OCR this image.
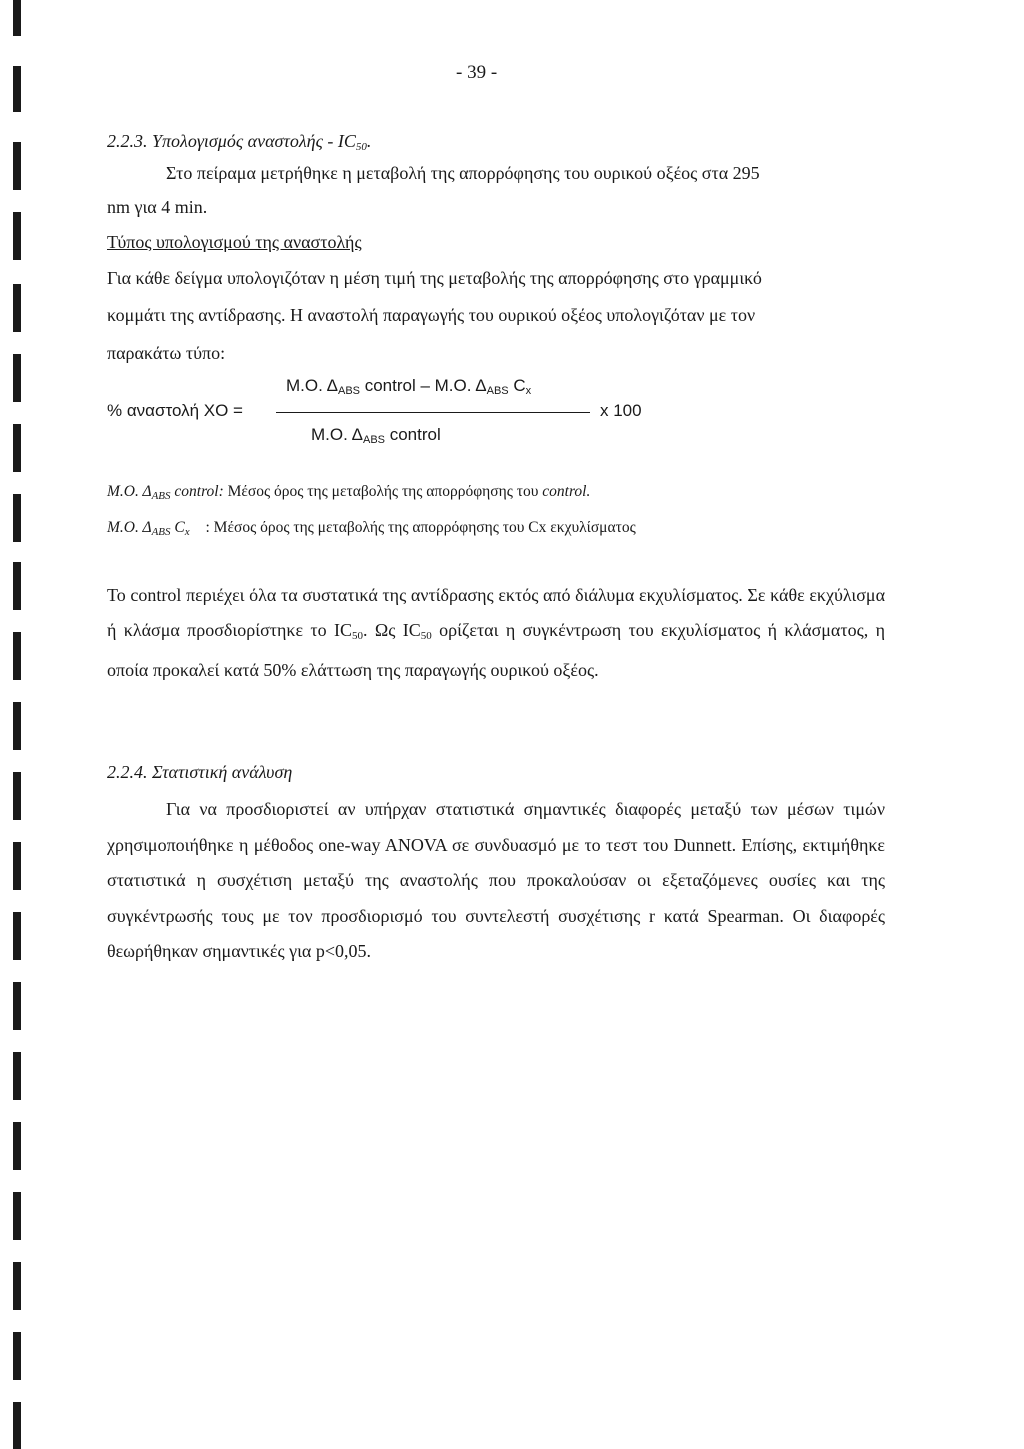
- 39 -
2.2.3. Υπολογισμός αναστολής - $IC_{50}$.
Στο πείραμα μετρήθηκε η μεταβολή της απορρόφησης του ουρικού οξέος στα 295
nm για 4 min.
Τύπος υπολογισμού της αναστολής
Για κάθε δείγμα υπολογιζόταν η μέση τιμή της μεταβολής της απορρόφησης στο γραμμικό
κομμάτι της αντίδρασης. Η αναστολή παραγωγής του ουρικού οξέος υπολογιζόταν με τον
παρακάτω τύπο:
Μ.Ο. $\Delta_{ABS}$ control – Μ.Ο. $\Delta_{ABS}$ $C_x$
% αναστολή ΧΟ =	x 100
Μ.Ο. $\Delta_{ABS}$ control
Μ.Ο. $\Delta_{ABS}$ control: Μέσος όρος της μεταβολής της απορρόφησης του control.
Μ.Ο. $\Delta_{ABS}$ $C_x$ : Μέσος όρος της μεταβολής της απορρόφησης του Cx εκχυλίσματος
Το control περιέχει όλα τα συστατικά της αντίδρασης εκτός από διάλυμα εκχυλίσματος. Σε κάθε εκχύλισμα ή κλάσμα προσδιορίστηκε το $IC_{50}$. Ως $IC_{50}$ ορίζεται η συγκέντρωση του εκχυλίσματος ή κλάσματος, η οποία προκαλεί κατά 50% ελάττωση της παραγωγής ουρικού οξέος.
2.2.4. Στατιστική ανάλυση
Για να προσδιοριστεί αν υπήρχαν στατιστικά σημαντικές διαφορές μεταξύ των μέσων τιμών χρησιμοποιήθηκε η μέθοδος one-way ANOVA σε συνδυασμό με το τεστ του Dunnett. Επίσης, εκτιμήθηκε στατιστικά η συσχέτιση μεταξύ της αναστολής που προκαλούσαν οι εξεταζόμενες ουσίες και της συγκέντρωσής τους με τον προσδιορισμό του συντελεστή συσχέτισης r κατά Spearman. Οι διαφορές θεωρήθηκαν σημαντικές για p<0,05.
